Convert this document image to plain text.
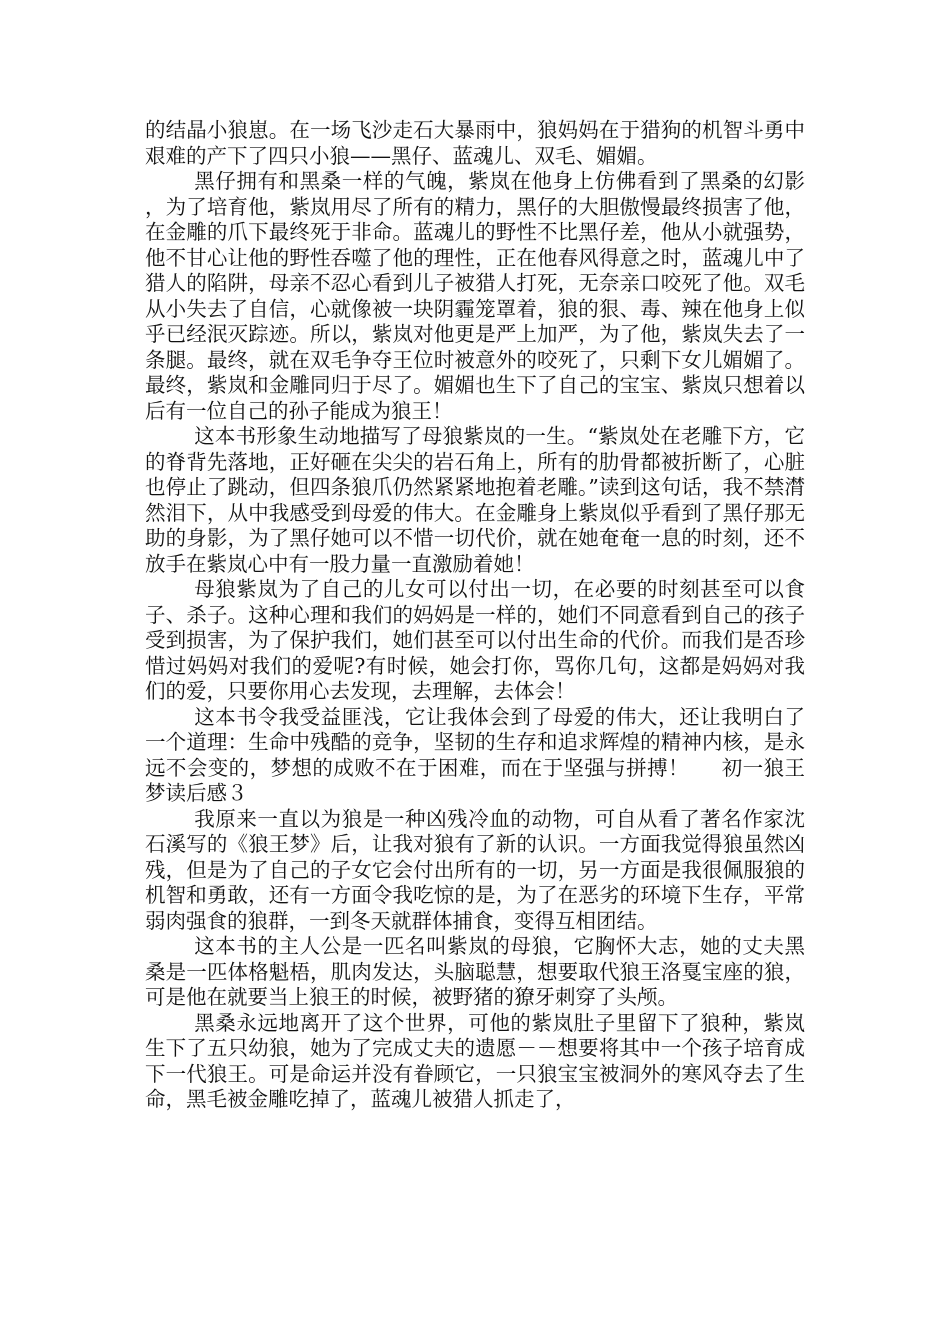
的结晶小狼崽。在一场飞沙走石大暴雨中，狼妈妈在于猎狗的机智斗勇中艰难的产下了四只小狼——黑仔、蓝魂儿、双毛、媚媚。

黑仔拥有和黑桑一样的气魄，紫岚在他身上仿佛看到了黑桑的幻影，为了培育他，紫岚用尽了所有的精力，黑仔的大胆傲慢最终损害了他，在金雕的爪下最终死于非命。蓝魂儿的野性不比黑仔差，他从小就强势，他不甘心让他的野性吞噬了他的理性，正在他春风得意之时，蓝魂儿中了猎人的陷阱，母亲不忍心看到儿子被猎人打死，无奈亲口咬死了他。双毛从小失去了自信，心就像被一块阴霾笼罩着，狼的狠、毒、辣在他身上似乎已经泯灭踪迹。所以，紫岚对他更是严上加严，为了他，紫岚失去了一条腿。最终，就在双毛争夺王位时被意外的咬死了，只剩下女儿媚媚了。最终，紫岚和金雕同归于尽了。媚媚也生下了自己的宝宝、紫岚只想着以后有一位自己的孙子能成为狼王！

这本书形象生动地描写了母狼紫岚的一生。“紫岚处在老雕下方，它的脊背先落地，正好砸在尖尖的岩石角上，所有的肋骨都被折断了，心脏也停止了跳动，但四条狼爪仍然紧紧地抱着老雕。”读到这句话，我不禁潸然泪下，从中我感受到母爱的伟大。在金雕身上紫岚似乎看到了黑仔那无助的身影，为了黑仔她可以不惜一切代价，就在她奄奄一息的时刻，还不放手在紫岚心中有一股力量一直激励着她！

母狼紫岚为了自己的儿女可以付出一切，在必要的时刻甚至可以食子、杀子。这种心理和我们的妈妈是一样的，她们不同意看到自己的孩子受到损害，为了保护我们，她们甚至可以付出生命的代价。而我们是否珍惜过妈妈对我们的爱呢?有时候，她会打你，骂你几句，这都是妈妈对我们的爱，只要你用心去发现，去理解，去体会！

这本书令我受益匪浅，它让我体会到了母爱的伟大，还让我明白了一个道理：生命中残酷的竞争，坚韧的生存和追求辉煌的精神内核，是永远不会变的，梦想的成败不在于困难，而在于坚强与拼搏！ 初一狼王梦读后感３

我原来一直以为狼是一种凶残冷血的动物，可自从看了著名作家沈石溪写的《狼王梦》后，让我对狼有了新的认识。一方面我觉得狼虽然凶残，但是为了自己的子女它会付出所有的一切，另一方面是我很佩服狼的机智和勇敢，还有一方面令我吃惊的是，为了在恶劣的环境下生存，平常弱肉强食的狼群，一到冬天就群体捕食，变得互相团结。

这本书的主人公是一匹名叫紫岚的母狼，它胸怀大志，她的丈夫黑桑是一匹体格魁梧，肌肉发达，头脑聪慧，想要取代狼王洛戛宝座的狼，可是他在就要当上狼王的时候，被野猪的獠牙刺穿了头颅。

黑桑永远地离开了这个世界，可他的紫岚肚子里留下了狼种，紫岚生下了五只幼狼，她为了完成丈夫的遗愿－－想要将其中一个孩子培育成下一代狼王。可是命运并没有眷顾它，一只狼宝宝被洞外的寒风夺去了生命，黑毛被金雕吃掉了，蓝魂儿被猎人抓走了，
